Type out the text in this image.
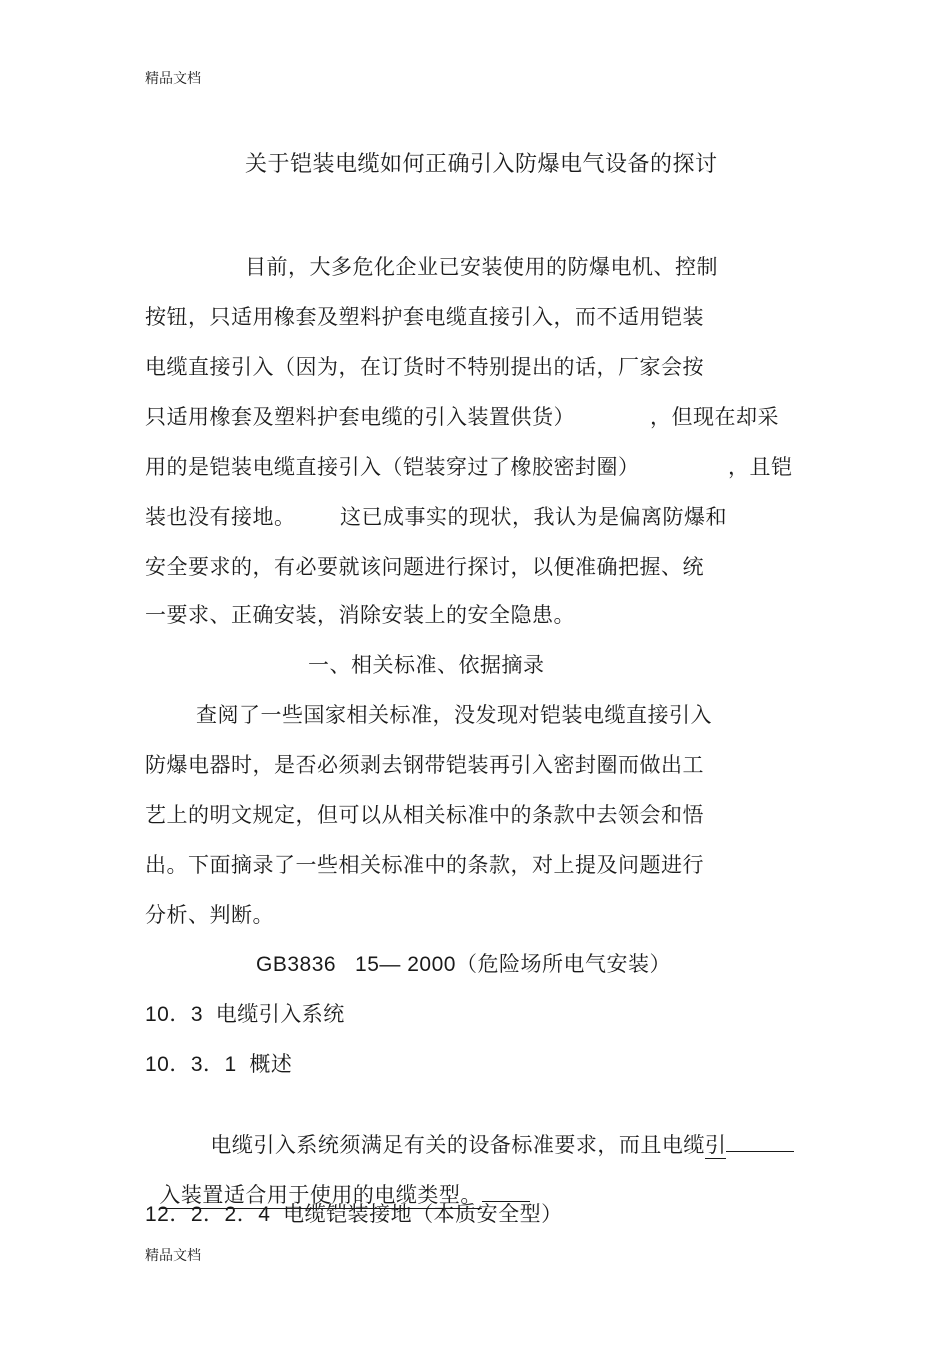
精品文档
关于铠装电缆如何正确引入防爆电气设备的探讨
目前，大多危化企业已安装使用的防爆电机、控制
按钮，只适用橡套及塑料护套电缆直接引入，而不适用铠装
电缆直接引入（因为，在订货时不特别提出的话，厂家会按
只适用橡套及塑料护套电缆的引入装置供货）	，但现在却采
用的是铠装电缆直接引入（铠装穿过了橡胶密封圈）	，且铠
装也没有接地。 这已成事实的现状，我认为是偏离防爆和
安全要求的，有必要就该问题进行探讨，以便准确把握、统
一要求、正确安装，消除安装上的安全隐患。
一、相关标准、依据摘录
查阅了一些国家相关标准，没发现对铠装电缆直接引入
防爆电器时，是否必须剥去钢带铠装再引入密封圈而做出工
艺上的明文规定，但可以从相关标准中的条款中去领会和悟
出。下面摘录了一些相关标准中的条款，对上提及问题进行
分析、判断。
GB3836   15— 2000（危险场所电气安装）
10．3  电缆引入系统
10．3．1  概述

电缆引入系统须满足有关的设备标准要求，而且电缆引

入装置适合用于使用的电缆类型。

12．2．2．4  电缆铠装接地（本质安全型）
精品文档
